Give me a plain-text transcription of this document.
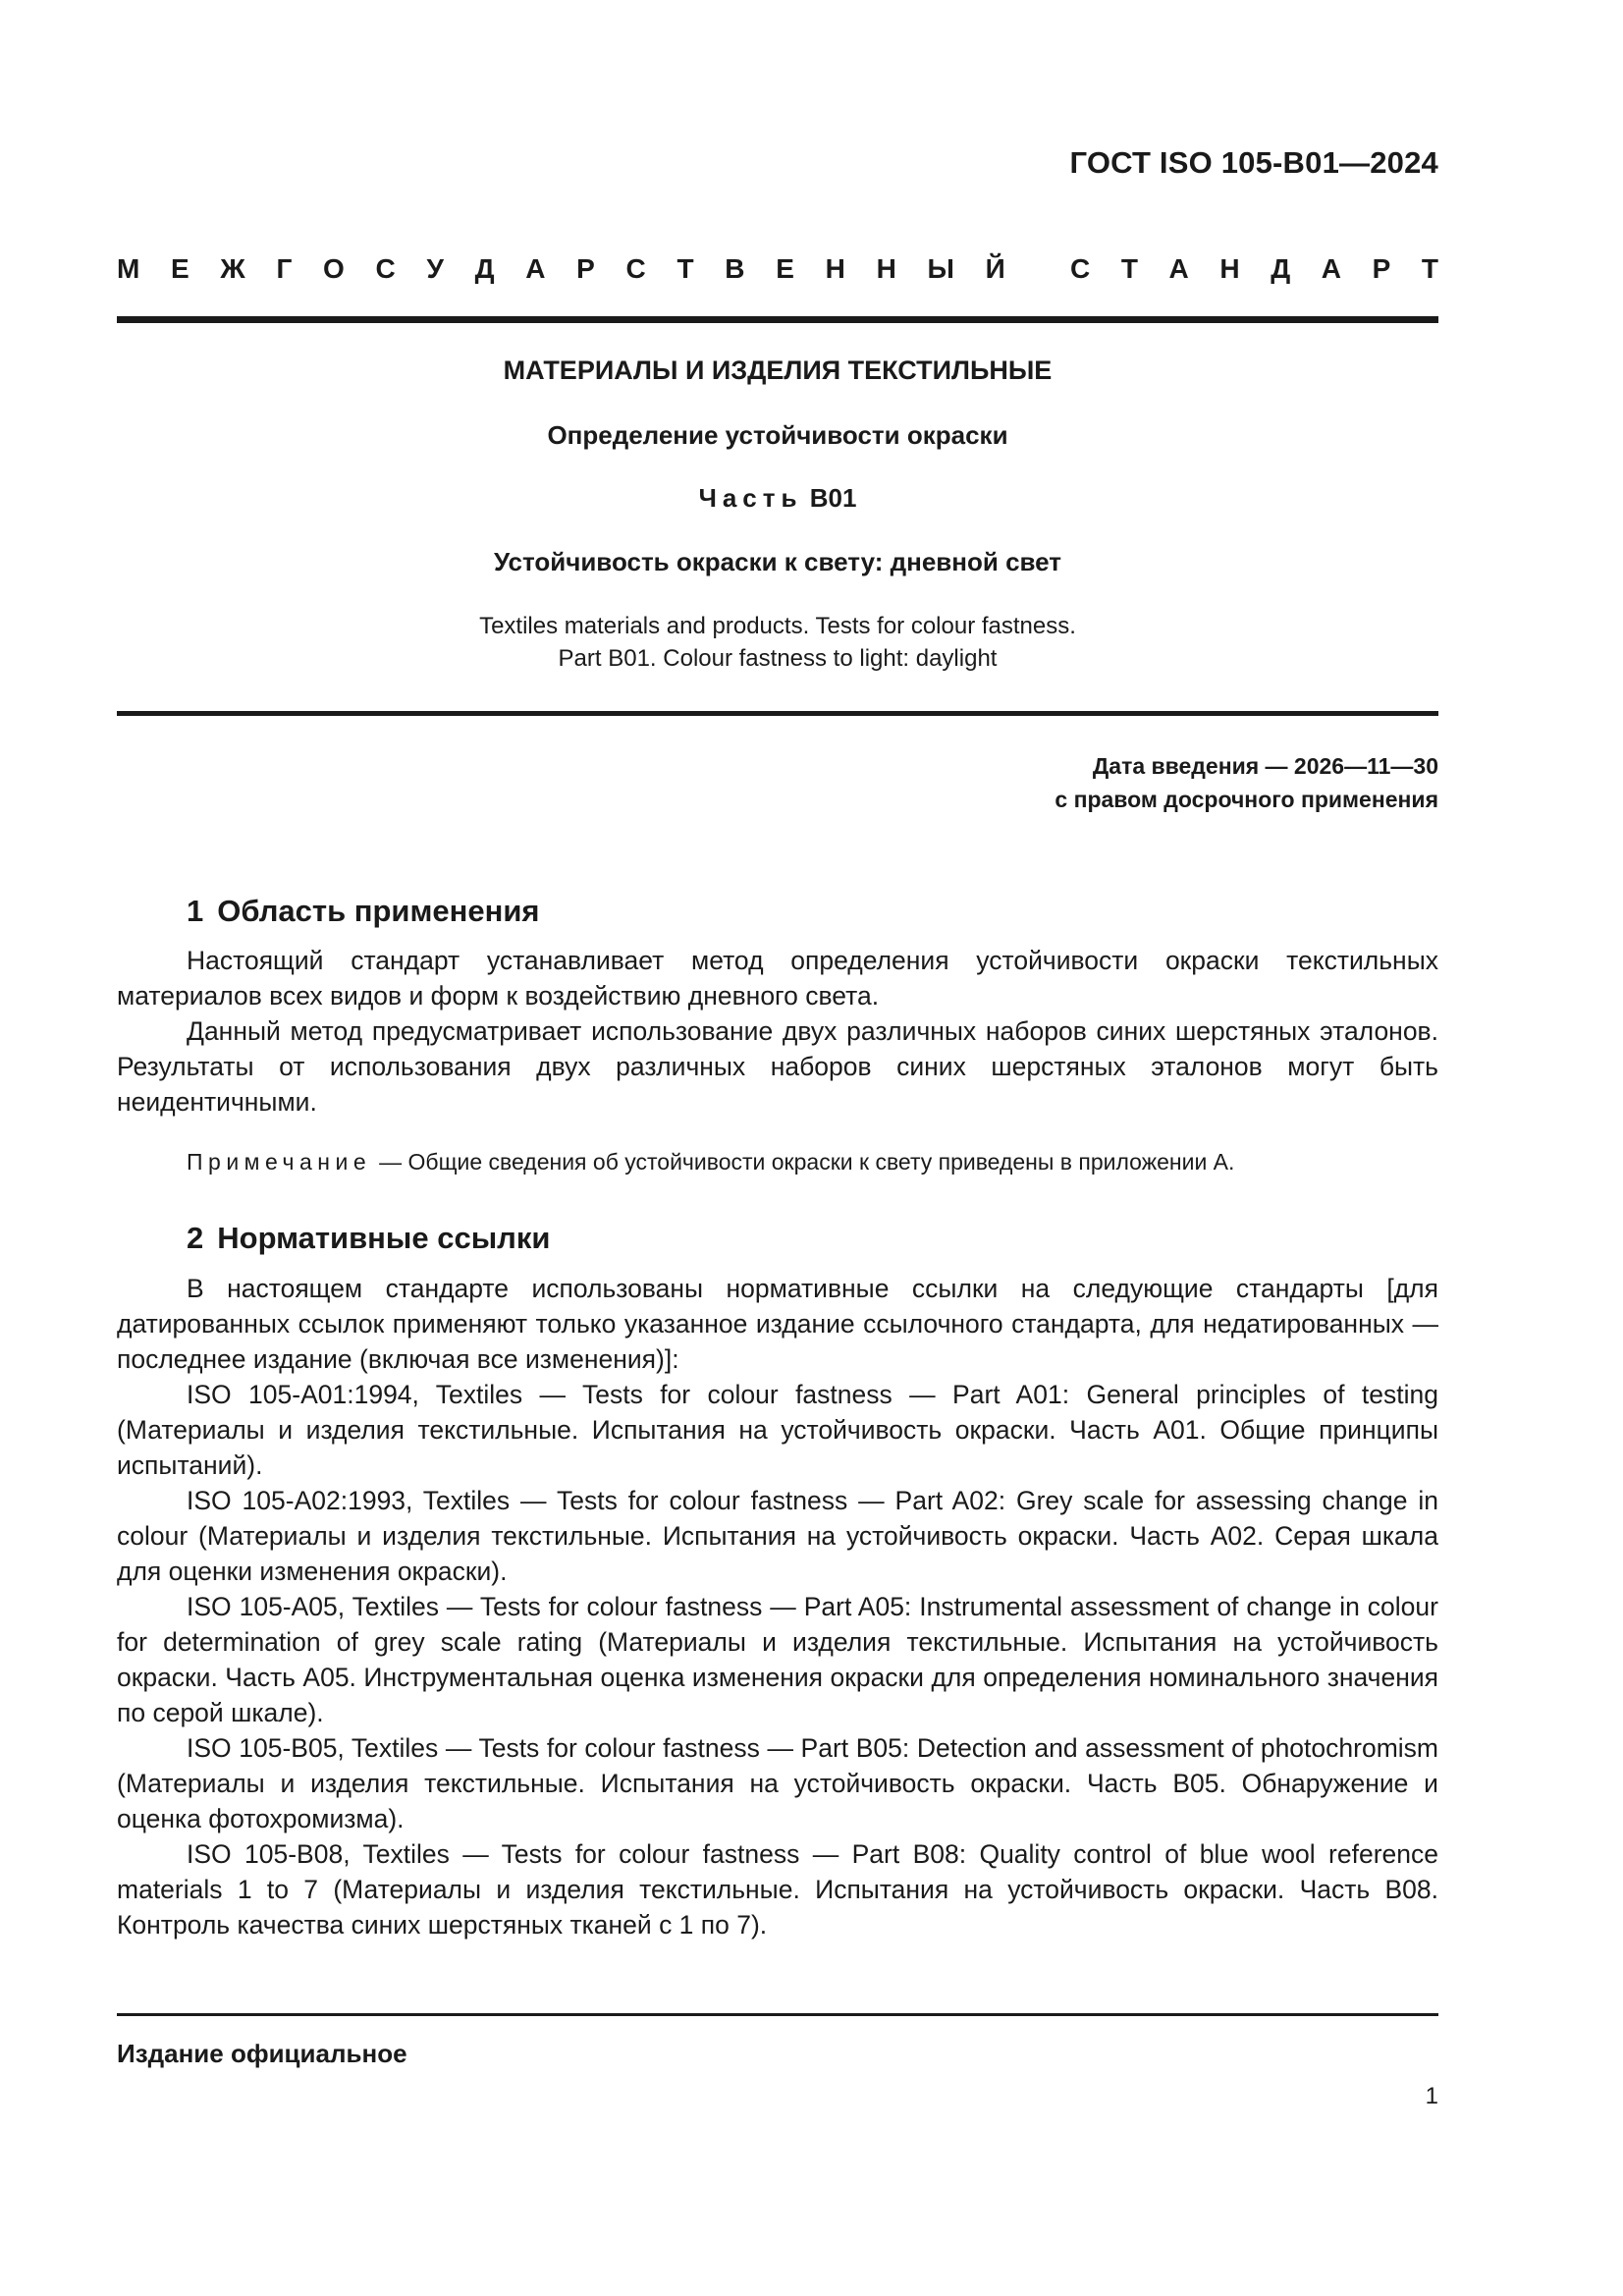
ГОСТ ISO 105-B01—2024
М Е Ж Г О С У Д А Р С Т В Е Н Н Ы Й С Т А Н Д А Р Т
МАТЕРИАЛЫ И ИЗДЕЛИЯ ТЕКСТИЛЬНЫЕ
Определение устойчивости окраски
Часть B01
Устойчивость окраски к свету: дневной свет
Textiles materials and products. Tests for colour fastness.
Part B01. Colour fastness to light: daylight
Дата введения — 2026—11—30
с правом досрочного применения
1 Область применения
Настоящий стандарт устанавливает метод определения устойчивости окраски текстильных материалов всех видов и форм к воздействию дневного света.
Данный метод предусматривает использование двух различных наборов синих шерстяных эталонов. Результаты от использования двух различных наборов синих шерстяных эталонов могут быть неидентичными.
Примечание — Общие сведения об устойчивости окраски к свету приведены в приложении А.
2 Нормативные ссылки
В настоящем стандарте использованы нормативные ссылки на следующие стандарты [для датированных ссылок применяют только указанное издание ссылочного стандарта, для недатированных — последнее издание (включая все изменения)]:
ISO 105-A01:1994, Textiles — Tests for colour fastness — Part A01: General principles of testing (Материалы и изделия текстильные. Испытания на устойчивость окраски. Часть А01. Общие принципы испытаний).
ISO 105-A02:1993, Textiles — Tests for colour fastness — Part A02: Grey scale for assessing change in colour (Материалы и изделия текстильные. Испытания на устойчивость окраски. Часть А02. Серая шкала для оценки изменения окраски).
ISO 105-A05, Textiles — Tests for colour fastness — Part A05: Instrumental assessment of change in colour for determination of grey scale rating (Материалы и изделия текстильные. Испытания на устойчивость окраски. Часть А05. Инструментальная оценка изменения окраски для определения номинального значения по серой шкале).
ISO 105-B05, Textiles — Tests for colour fastness — Part B05: Detection and assessment of photochromism (Материалы и изделия текстильные. Испытания на устойчивость окраски. Часть В05. Обнаружение и оценка фотохромизма).
ISO 105-B08, Textiles — Tests for colour fastness — Part B08: Quality control of blue wool reference materials 1 to 7 (Материалы и изделия текстильные. Испытания на устойчивость окраски. Часть В08. Контроль качества синих шерстяных тканей с 1 по 7).
Издание официальное
1
